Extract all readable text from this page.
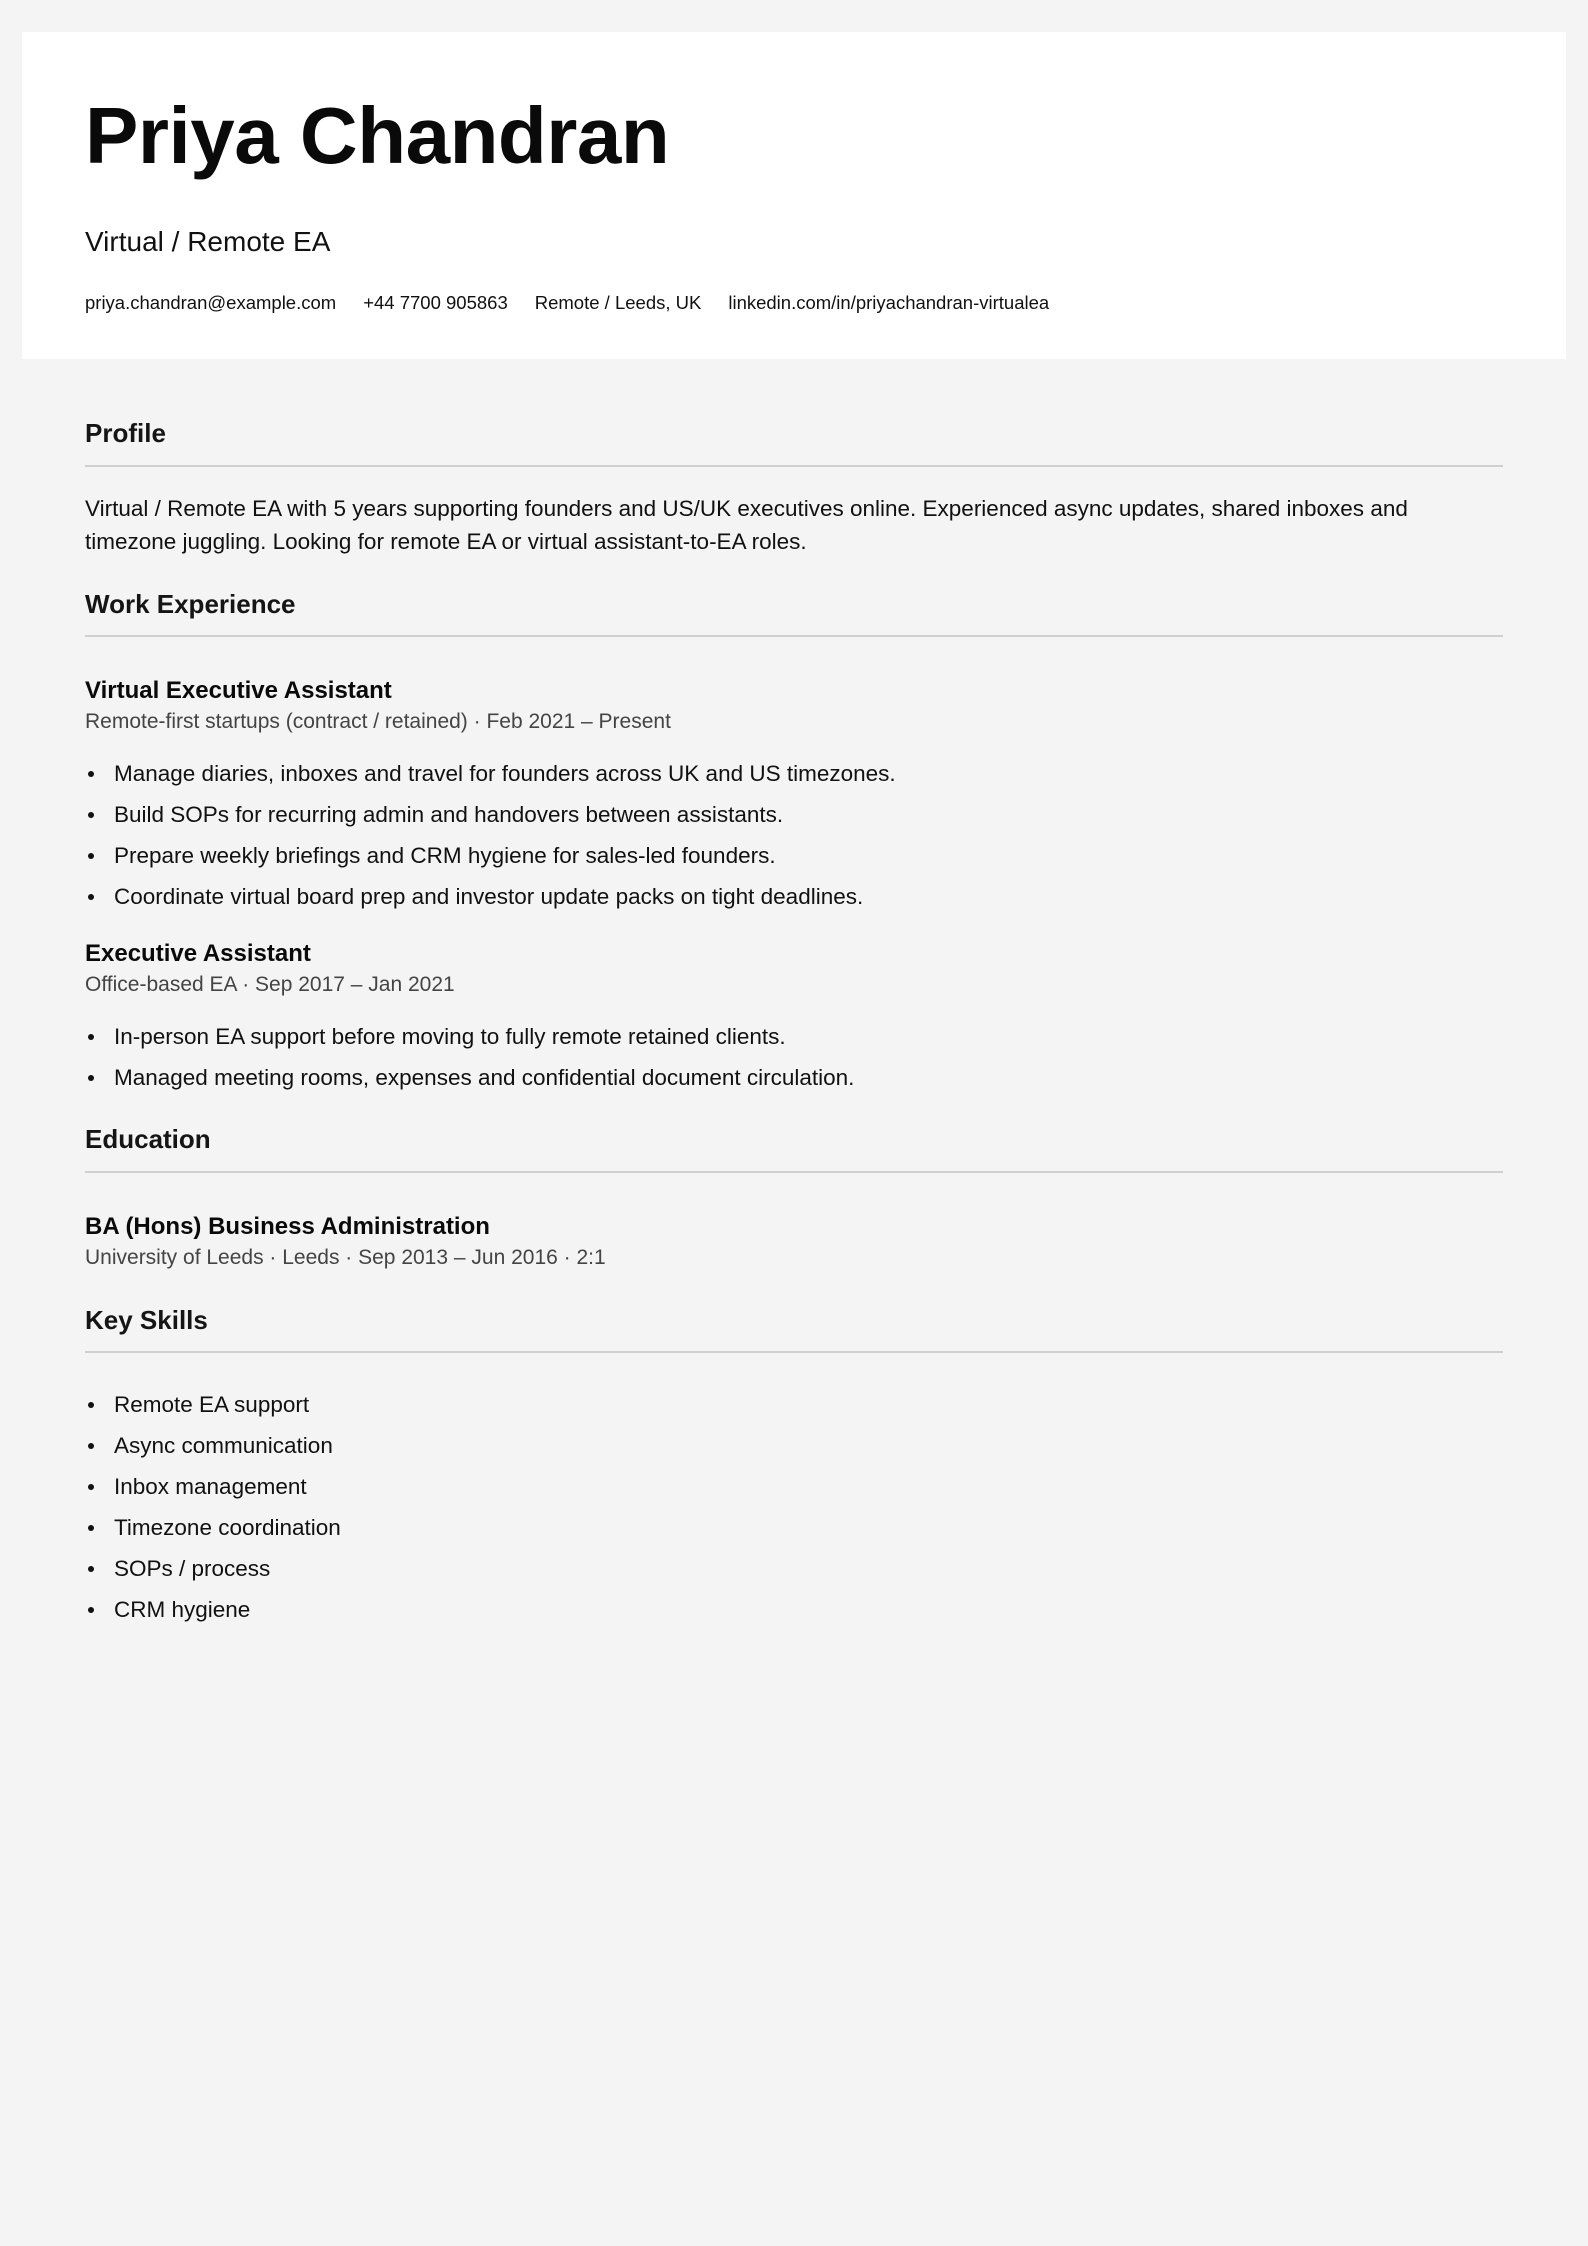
Priya Chandran
Virtual / Remote EA
priya.chandran@example.com +44 7700 905863 Remote / Leeds, UK linkedin.com/in/priyachandran-virtualea
Profile

Virtual / Remote EA with 5 years supporting founders and US/UK executives online. Experienced async updates, shared inboxes and timezone juggling. Looking for remote EA or virtual assistant-to-EA roles.

Work Experience
Virtual Executive Assistant
Remote-first startups (contract / retained) · Feb 2021 – Present
Manage diaries, inboxes and travel for founders across UK and US timezones.
Build SOPs for recurring admin and handovers between assistants.
Prepare weekly briefings and CRM hygiene for sales-led founders.
Coordinate virtual board prep and investor update packs on tight deadlines.
Executive Assistant
Office-based EA · Sep 2017 – Jan 2021
In-person EA support before moving to fully remote retained clients.
Managed meeting rooms, expenses and confidential document circulation.
Education
BA (Hons) Business Administration
University of Leeds · Leeds · Sep 2013 – Jun 2016 · 2:1
Key Skills
Remote EA support
Async communication
Inbox management
Timezone coordination
SOPs / process
CRM hygiene
